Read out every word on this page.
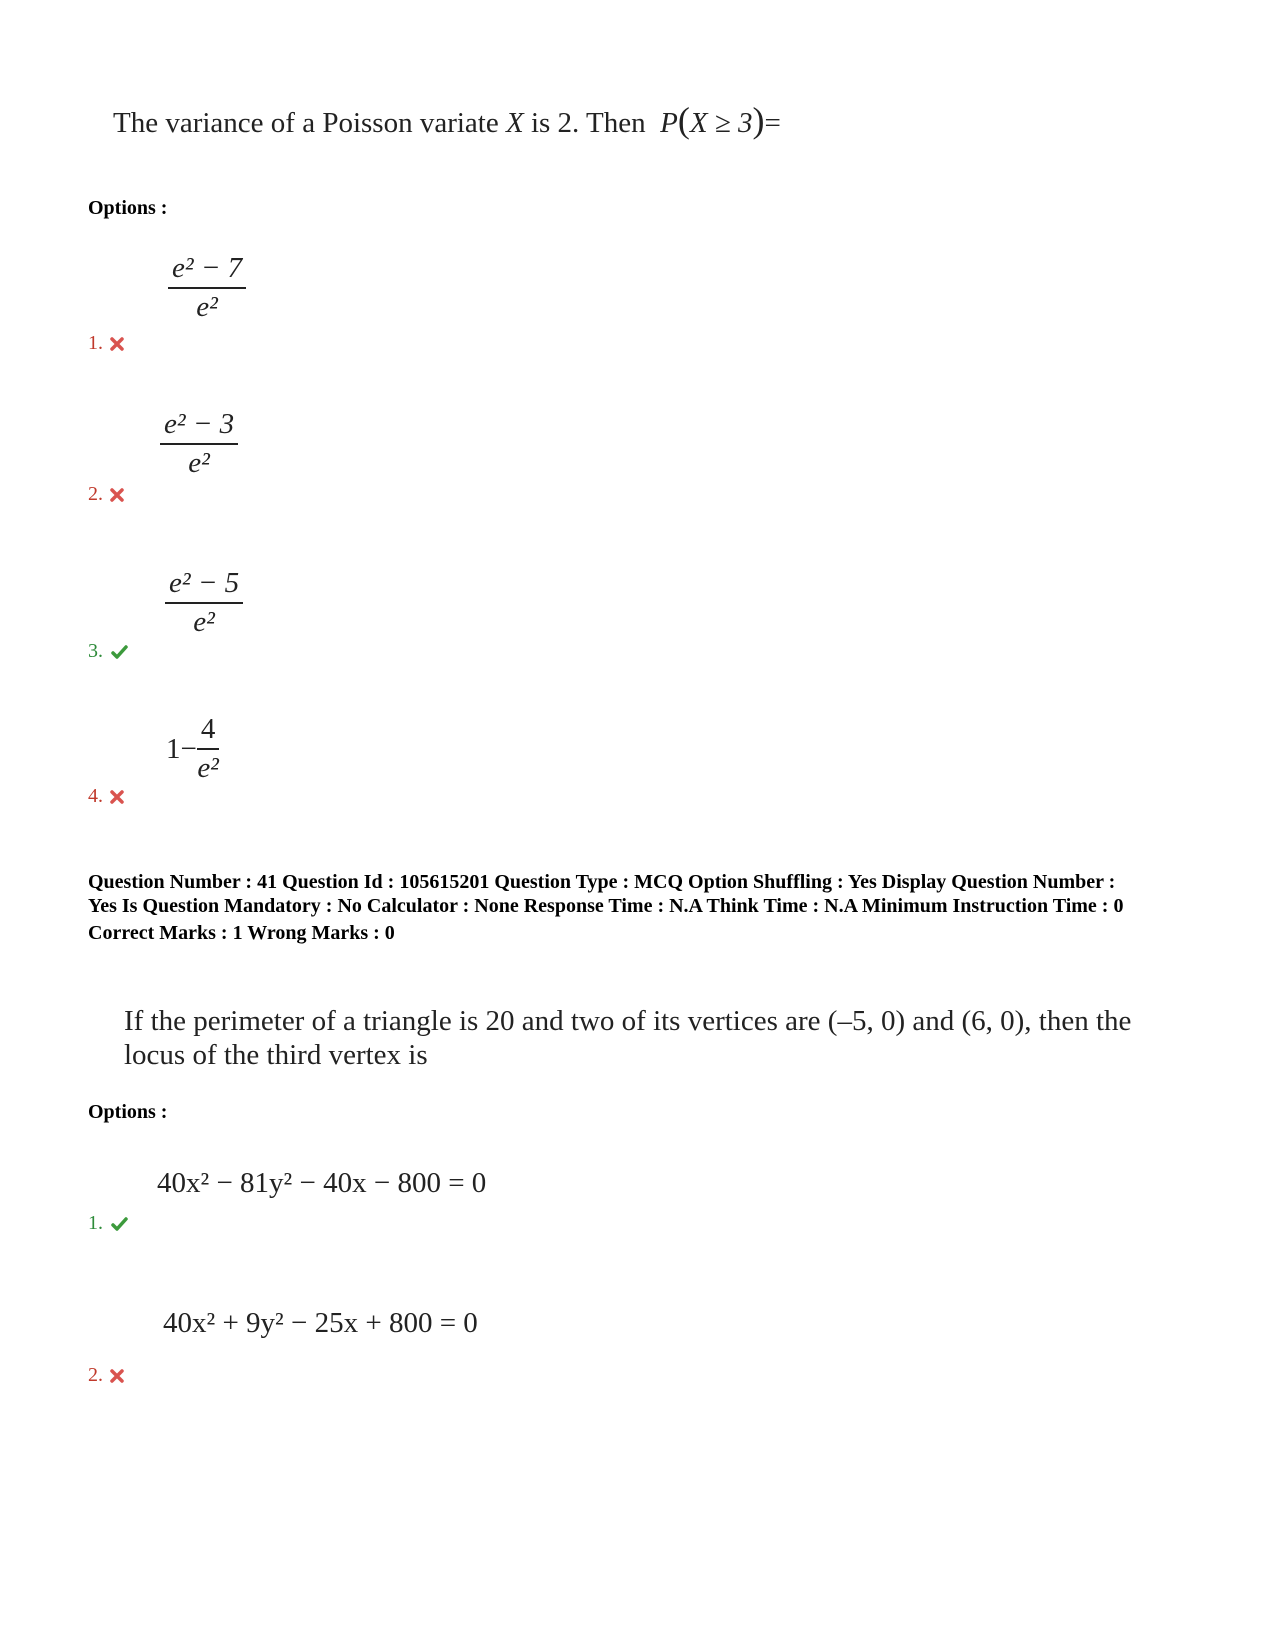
The variance of a Poisson variate X is 2. Then P(X ≥ 3)=
Options :
$\frac{\text{e² − 7}}{\text{e²}}$
1.
$\frac{\text{e² − 3}}{\text{e²}}$
2.
$\frac{\text{e² − 5}}{\text{e²}}$
3.
$1- \frac{4}{\text{e²}}$
4.
Question Number : 41 Question Id : 105615201 Question Type : MCQ Option Shuffling : Yes Display Question Number :
Yes Is Question Mandatory : No Calculator : None Response Time : N.A Think Time : N.A Minimum Instruction Time : 0
Correct Marks : 1 Wrong Marks : 0
If the perimeter of a triangle is 20 and two of its vertices are (–5, 0) and (6, 0), then the
locus of the third vertex is
Options :
40x² − 81y² − 40x − 800 = 0
1.
40x² + 9y² − 25x + 800 = 0
2.
